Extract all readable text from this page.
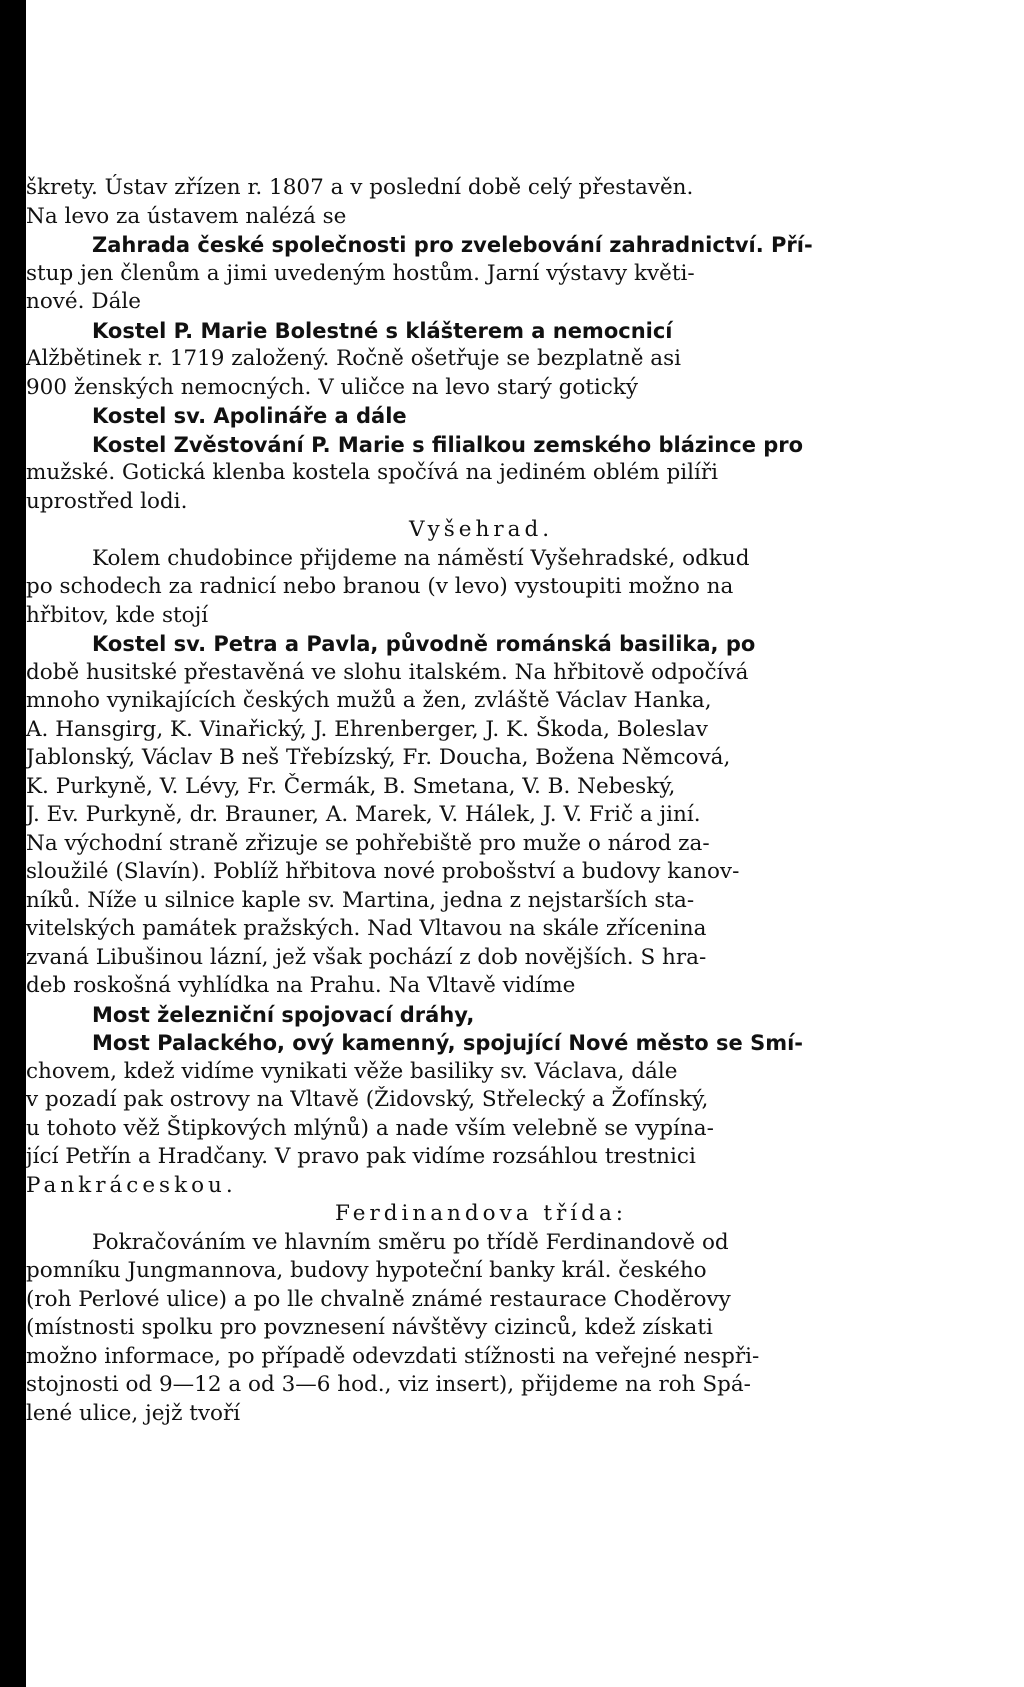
škrety. Ústav zřízen r. 1807 a v poslední době celý přestavěn.
Na levo za ústavem nalézá se
Zahrada české společnosti pro zvelebování zahradnictví. Pří-
stup jen členům a jimi uvedeným hostům. Jarní výstavy květi-
nové. Dále
Kostel P. Marie Bolestné s klášterem a nemocnicí
Alžbětinek r. 1719 založený. Ročně ošetřuje se bezplatně asi
900 ženských nemocných. V uličce na levo starý gotický
Kostel sv. Apolináře a dále
Kostel Zvěstování P. Marie s filialkou zemského blázince pro
mužské. Gotická klenba kostela spočívá na jediném oblém pilíři
uprostřed lodi.
Vyšehrad.
Kolem chudobince přijdeme na náměstí Vyšehradské, odkud
po schodech za radnicí nebo branou (v levo) vystoupiti možno na
hřbitov, kde stojí
Kostel sv. Petra a Pavla, původně románská basilika, po
době husitské přestavěná ve slohu italském. Na hřbitově odpočívá
mnoho vynikajících českých mužů a žen, zvláště Václav Hanka,
A. Hansgirg, K. Vinařický, J. Ehrenberger, J. K. Škoda, Boleslav
Jablonský, Václav B neš Třebízský, Fr. Doucha, Božena Němcová,
K. Purkyně, V. Lévy, Fr. Čermák, B. Smetana, V. B. Nebeský,
J. Ev. Purkyně, dr. Brauner, A. Marek, V. Hálek, J. V. Frič a jiní.
Na východní straně zřizuje se pohřebiště pro muže o národ za-
sloužilé (Slavín). Poblíž hřbitova nové probošství a budovy kanov-
níků. Níže u silnice kaple sv. Martina, jedna z nejstarších sta-
vitelských památek pražských. Nad Vltavou na skále zřícenina
zvaná Libušinou lázní, jež však pochází z dob novějších. S hra-
deb roskošná vyhlídka na Prahu. Na Vltavě vidíme
Most železniční spojovací dráhy,
Most Palackého, ový kamenný, spojující Nové město se Smí-
chovem, kdež vidíme vynikati věže basiliky sv. Václava, dále
v pozadí pak ostrovy na Vltavě (Židovský, Střelecký a Žofínský,
u tohoto věž Štipkových mlýnů) a nade vším velebně se vypína-
jící Petřín a Hradčany. V pravo pak vidíme rozsáhlou trestnici
Pankráceskou.
Ferdinandova třída:
Pokračováním ve hlavním směru po třídě Ferdinandově od
pomníku Jungmannova, budovy hypoteční banky král. českého
(roh Perlové ulice) a po lle chvalně známé restaurace Choděrovy
(místnosti spolku pro povznesení návštěvy cizinců, kdež získati
možno informace, po případě odevzdati stížnosti na veřejné nespři-
stojnosti od 9—12 a od 3—6 hod., viz insert), přijdeme na roh Spá-
lené ulice, jejž tvoří
